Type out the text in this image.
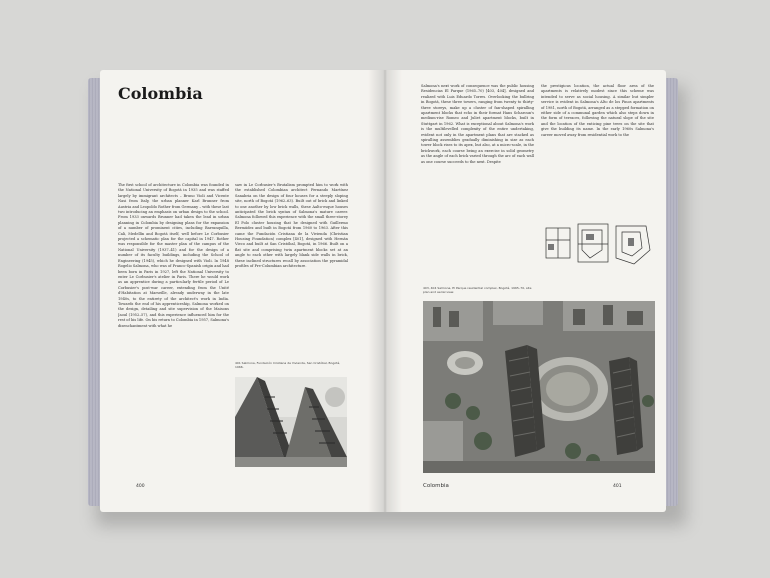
Colombia

The first school of architecture in Colombia was founded in the National University of Bogotá in 1935 and was staffed largely by immigrant architects – Bruno Violi and Vicente Nasi from Italy, the urban planner Karl Brunner from Austria and Leopoldo Rother from Germany – with these last two introducing an emphasis on urban design to the school. From 1933 onwards Brunner had taken the lead in urban planning in Colombia by designing plans for the expansion of a number of prominent cities, including Barranquilla, Cali, Medellín and Bogotá itself, well before Le Corbusier projected a schematic plan for the capital in 1947. Rother was responsible for the master plan of the campus of the National University (1937–41) and for the design of a number of its faculty buildings, including the School of Engineering (1945), which he designed with Violi. In 1948 Rogelio Salmona, who was of Franco-Spanish origin and had been born in Paris in 1927, left the National University to enter Le Corbusier's atelier in Paris. There he would work as an apprentice during a particularly fertile period of Le Corbusier's post-war career, extending from the Unité d'Habitation at Marseille, already underway in the late 1940s, to the entirety of the architect's work in India. Towards the end of his apprenticeship, Salmona worked on the design, detailing and site supervision of the Maisons Jaoul (1952–57), and this experience influenced him for the rest of his life. On his return to Colombia in 1957, Salmona's disenchantment with what he

saw in Le Corbusier's Brutalism prompted him to work with the established Colombian architect Fernando Martínez Sanabria on the design of four houses for a steeply sloping site, north of Bogotá (1962–63). Built out of brick and linked to one another by low brick walls, these Aalto-esque houses anticipated the brick syntax of Salmona's mature career. Salmona followed this experience with the small three-storey El Polo cluster housing that he designed with Guillermo Bermúdez and built in Bogotá from 1960 to 1963. After this came the Fundación Cristiana de la Vivienda (Christian Housing Foundation) complex [401], designed with Hernán Vieco and built at San Cristóbal, Bogotá, in 1966. Built on a flat site and comprising twin apartment blocks set at an angle to each other with largely blank side walls in brick, these inclined structures recall by association the pyramidal profiles of Pre-Columbian architecture.

401 Salmona, Fundación Cristiana de Vivienda, San Cristóbal, Bogotá, 1966.
400

Salmona's next work of consequence was the public housing Residencias El Parque (1965–70) [403, 404], designed and realized with Luis Eduardo Torres. Overlooking the bullring in Bogotá, these three towers, ranging from twenty to thirty-three storeys, make up a cluster of fan-shaped spiralling apartment blocks that echo in their format Hans Scharoun's medium-rise Romeo and Juliet apartment blocks, built in Stuttgart in 1962. What is exceptional about Salmona's work is the multilevelled complexity of the entire undertaking, evident not only in the apartment plans that are stacked as spiralling assemblies gradually diminishing in size as each tower block rises to its apex, but also, at a micro-scale, in the brickwork, each course being an exercise in solid geometry as the angle of each brick varied through the arc of each wall as one course succeeds to the next. Despite

the prestigious location, the actual floor area of the apartments is relatively modest since this scheme was intended to serve as social housing. A similar but simpler service is evident in Salmona's Alto de los Pinos apartments of 1981, north of Bogotá, arranged as a stepped formation on either side of a communal garden which also steps down in the form of terraces, following the natural slope of the site and the location of the enticing pine trees on the site that give the building its name. In the early 1960s Salmona's career moved away from residential work to the

403, 404 Salmona, El Parque residential complex, Bogotá, 1965–70, site plan and aerial view.
Colombia	401
